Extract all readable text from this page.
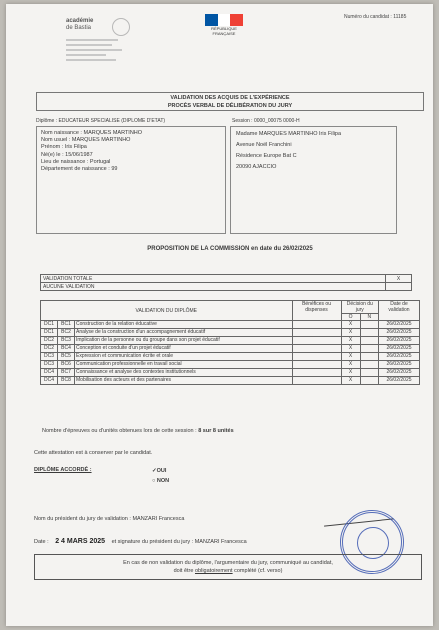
académie
de Bastia	RÉPUBLIQUE
FRANÇAISE
Numéro du candidat : 11185
VALIDATION DES ACQUIS DE L'EXPÉRIENCE
PROCÈS VERBAL DE DÉLIBÉRATION DU JURY
Diplôme : EDUCATEUR SPECIALISE (DIPLOME D'ETAT)	Session : 0000_00075 0000-H
Nom naissance : MARQUES MARTINHO
Nom usuel : MARQUES MARTINHO
Prénom : Iris Filipa
Né(e) le : 15/06/1987
Lieu de naissance : Portugal
Département de naissance : 99
Madame MARQUES MARTINHO Iris Filipa
Avenue Noël Franchini
Résidence Europe Bat C
20090 AJACCIO
PROPOSITION DE LA COMMISSION en date du 26/02/2025
VALIDATION TOTALE	X
AUCUNE VALIDATION	
VALIDATION DU DIPLÔME			Bénéfices ou dispenses	Décision du jury		Date de validation
				O	N	
DC1	BC1	Construction de la relation éducative		X		26/02/2025
DC1	BC2	Analyse de la construction d'un accompagnement éducatif		X		26/02/2025
DC2	BC3	Implication de la personne ou du groupe dans son projet éducatif		X		26/02/2025
DC2	BC4	Conception et conduite d'un projet éducatif		X		26/02/2025
DC3	BC5	Expression et communication écrite et orale		X		26/02/2025
DC3	BC6	Communication professionnelle en travail social		X		26/02/2025
DC4	BC7	Connaissance et analyse des contextes institutionnels		X		26/02/2025
DC4	BC8	Mobilisation des acteurs et des partenaires		X		26/02/2025
Nombre d'épreuves ou d'unités obtenues lors de cette session : 8 sur 8 unités
Cette attestation est à conserver par le candidat.
DIPLÔME ACCORDÉ :	✓OUI
○ NON
Nom du président du jury de validation : MANZARI Francesca
Date : 2 4 MARS 2025 et signature du président du jury : MANZARI Francesca
En cas de non validation du diplôme, l'argumentaire du jury, communiqué au candidat,
doit être obligatoirement complété (cf. verso)
